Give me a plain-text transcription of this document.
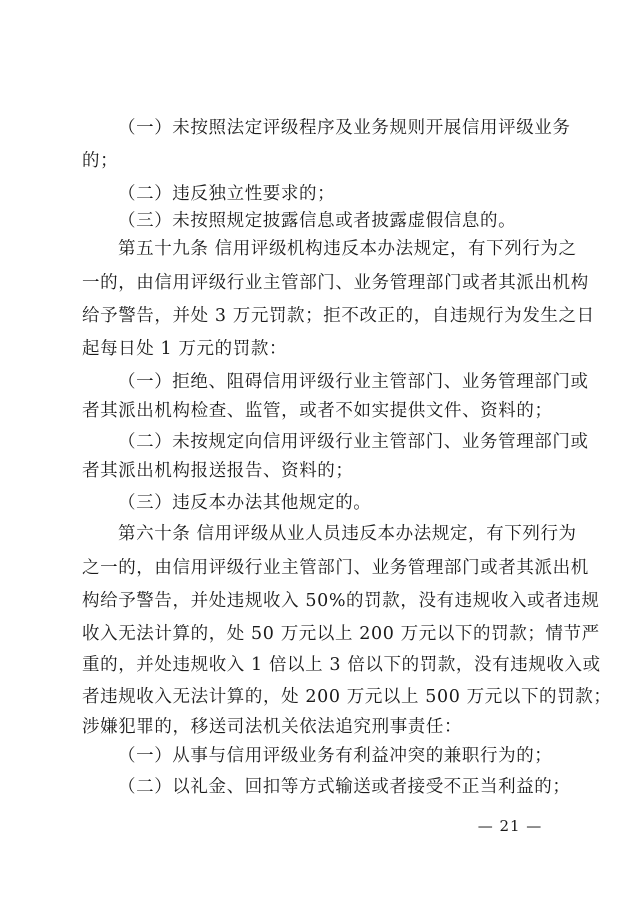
（一）未按照法定评级程序及业务规则开展信用评级业务

的；

（二）违反独立性要求的；

（三）未按照规定披露信息或者披露虚假信息的。

第五十九条 信用评级机构违反本办法规定，有下列行为之

一的，由信用评级行业主管部门、业务管理部门或者其派出机构

给予警告，并处 3 万元罚款；拒不改正的，自违规行为发生之日

起每日处 1 万元的罚款：

（一）拒绝、阻碍信用评级行业主管部门、业务管理部门或

者其派出机构检查、监管，或者不如实提供文件、资料的；

（二）未按规定向信用评级行业主管部门、业务管理部门或

者其派出机构报送报告、资料的；

（三）违反本办法其他规定的。

第六十条 信用评级从业人员违反本办法规定，有下列行为

之一的，由信用评级行业主管部门、业务管理部门或者其派出机

构给予警告，并处违规收入 50%的罚款，没有违规收入或者违规

收入无法计算的，处 50 万元以上 200 万元以下的罚款；情节严

重的，并处违规收入 1 倍以上 3 倍以下的罚款，没有违规收入或

者违规收入无法计算的，处 200 万元以上 500 万元以下的罚款；

涉嫌犯罪的，移送司法机关依法追究刑事责任：

（一）从事与信用评级业务有利益冲突的兼职行为的；

（二）以礼金、回扣等方式输送或者接受不正当利益的；

— 21 —
